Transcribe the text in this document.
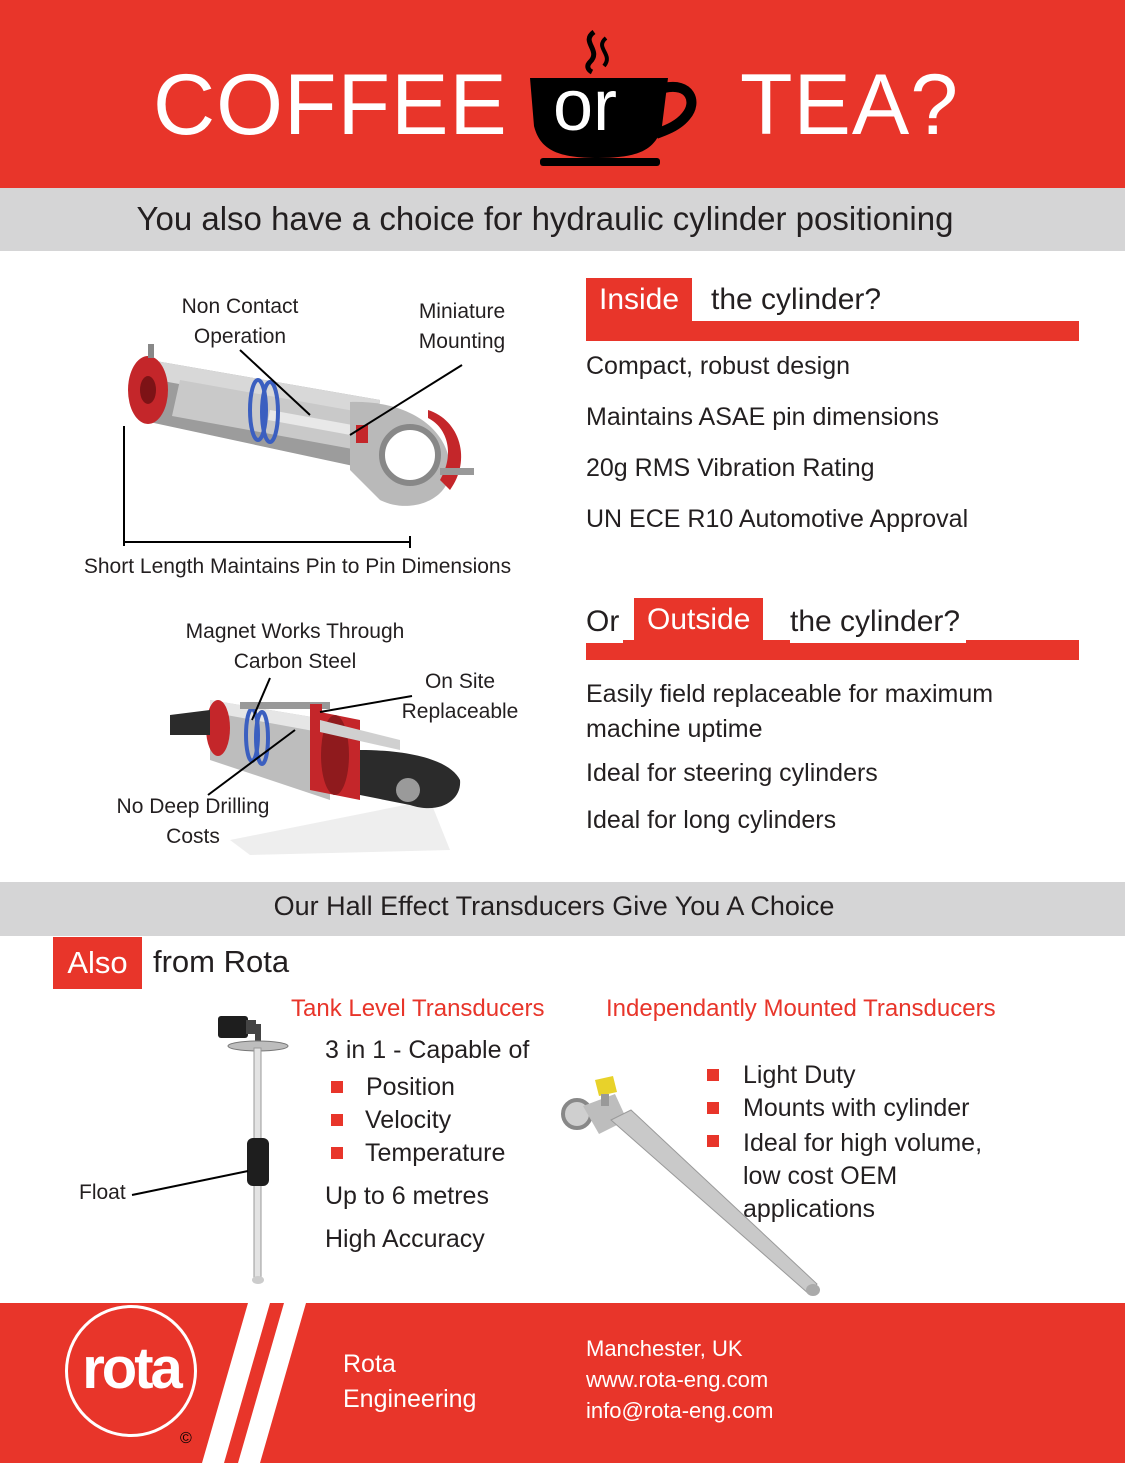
COFFEE	TEA?
or
You also have a choice for hydraulic cylinder positioning
Non Contact
Operation
Miniature
Mounting
Short Length Maintains Pin to Pin Dimensions
Magnet Works Through
Carbon Steel
On Site
Replaceable
No Deep Drilling
Costs
Inside	the cylinder?
Compact, robust design
Maintains ASAE pin dimensions
20g RMS Vibration Rating
UN ECE R10 Automotive Approval
Or Outside	the cylinder?
Easily field replaceable for maximum
machine uptime
Ideal for steering cylinders
Ideal for long cylinders
Our Hall Effect Transducers Give You A Choice
Also from Rota
Float
Tank Level Transducers
3 in 1 - Capable of
Position
Velocity
Temperature
Up to 6 metres
High Accuracy
Independantly Mounted Transducers
Light Duty
Mounts with cylinder
Ideal for high volume,
low cost OEM
applications
rota
©
Rota
Engineering
Manchester, UK
www.rota-eng.com
info@rota-eng.com
